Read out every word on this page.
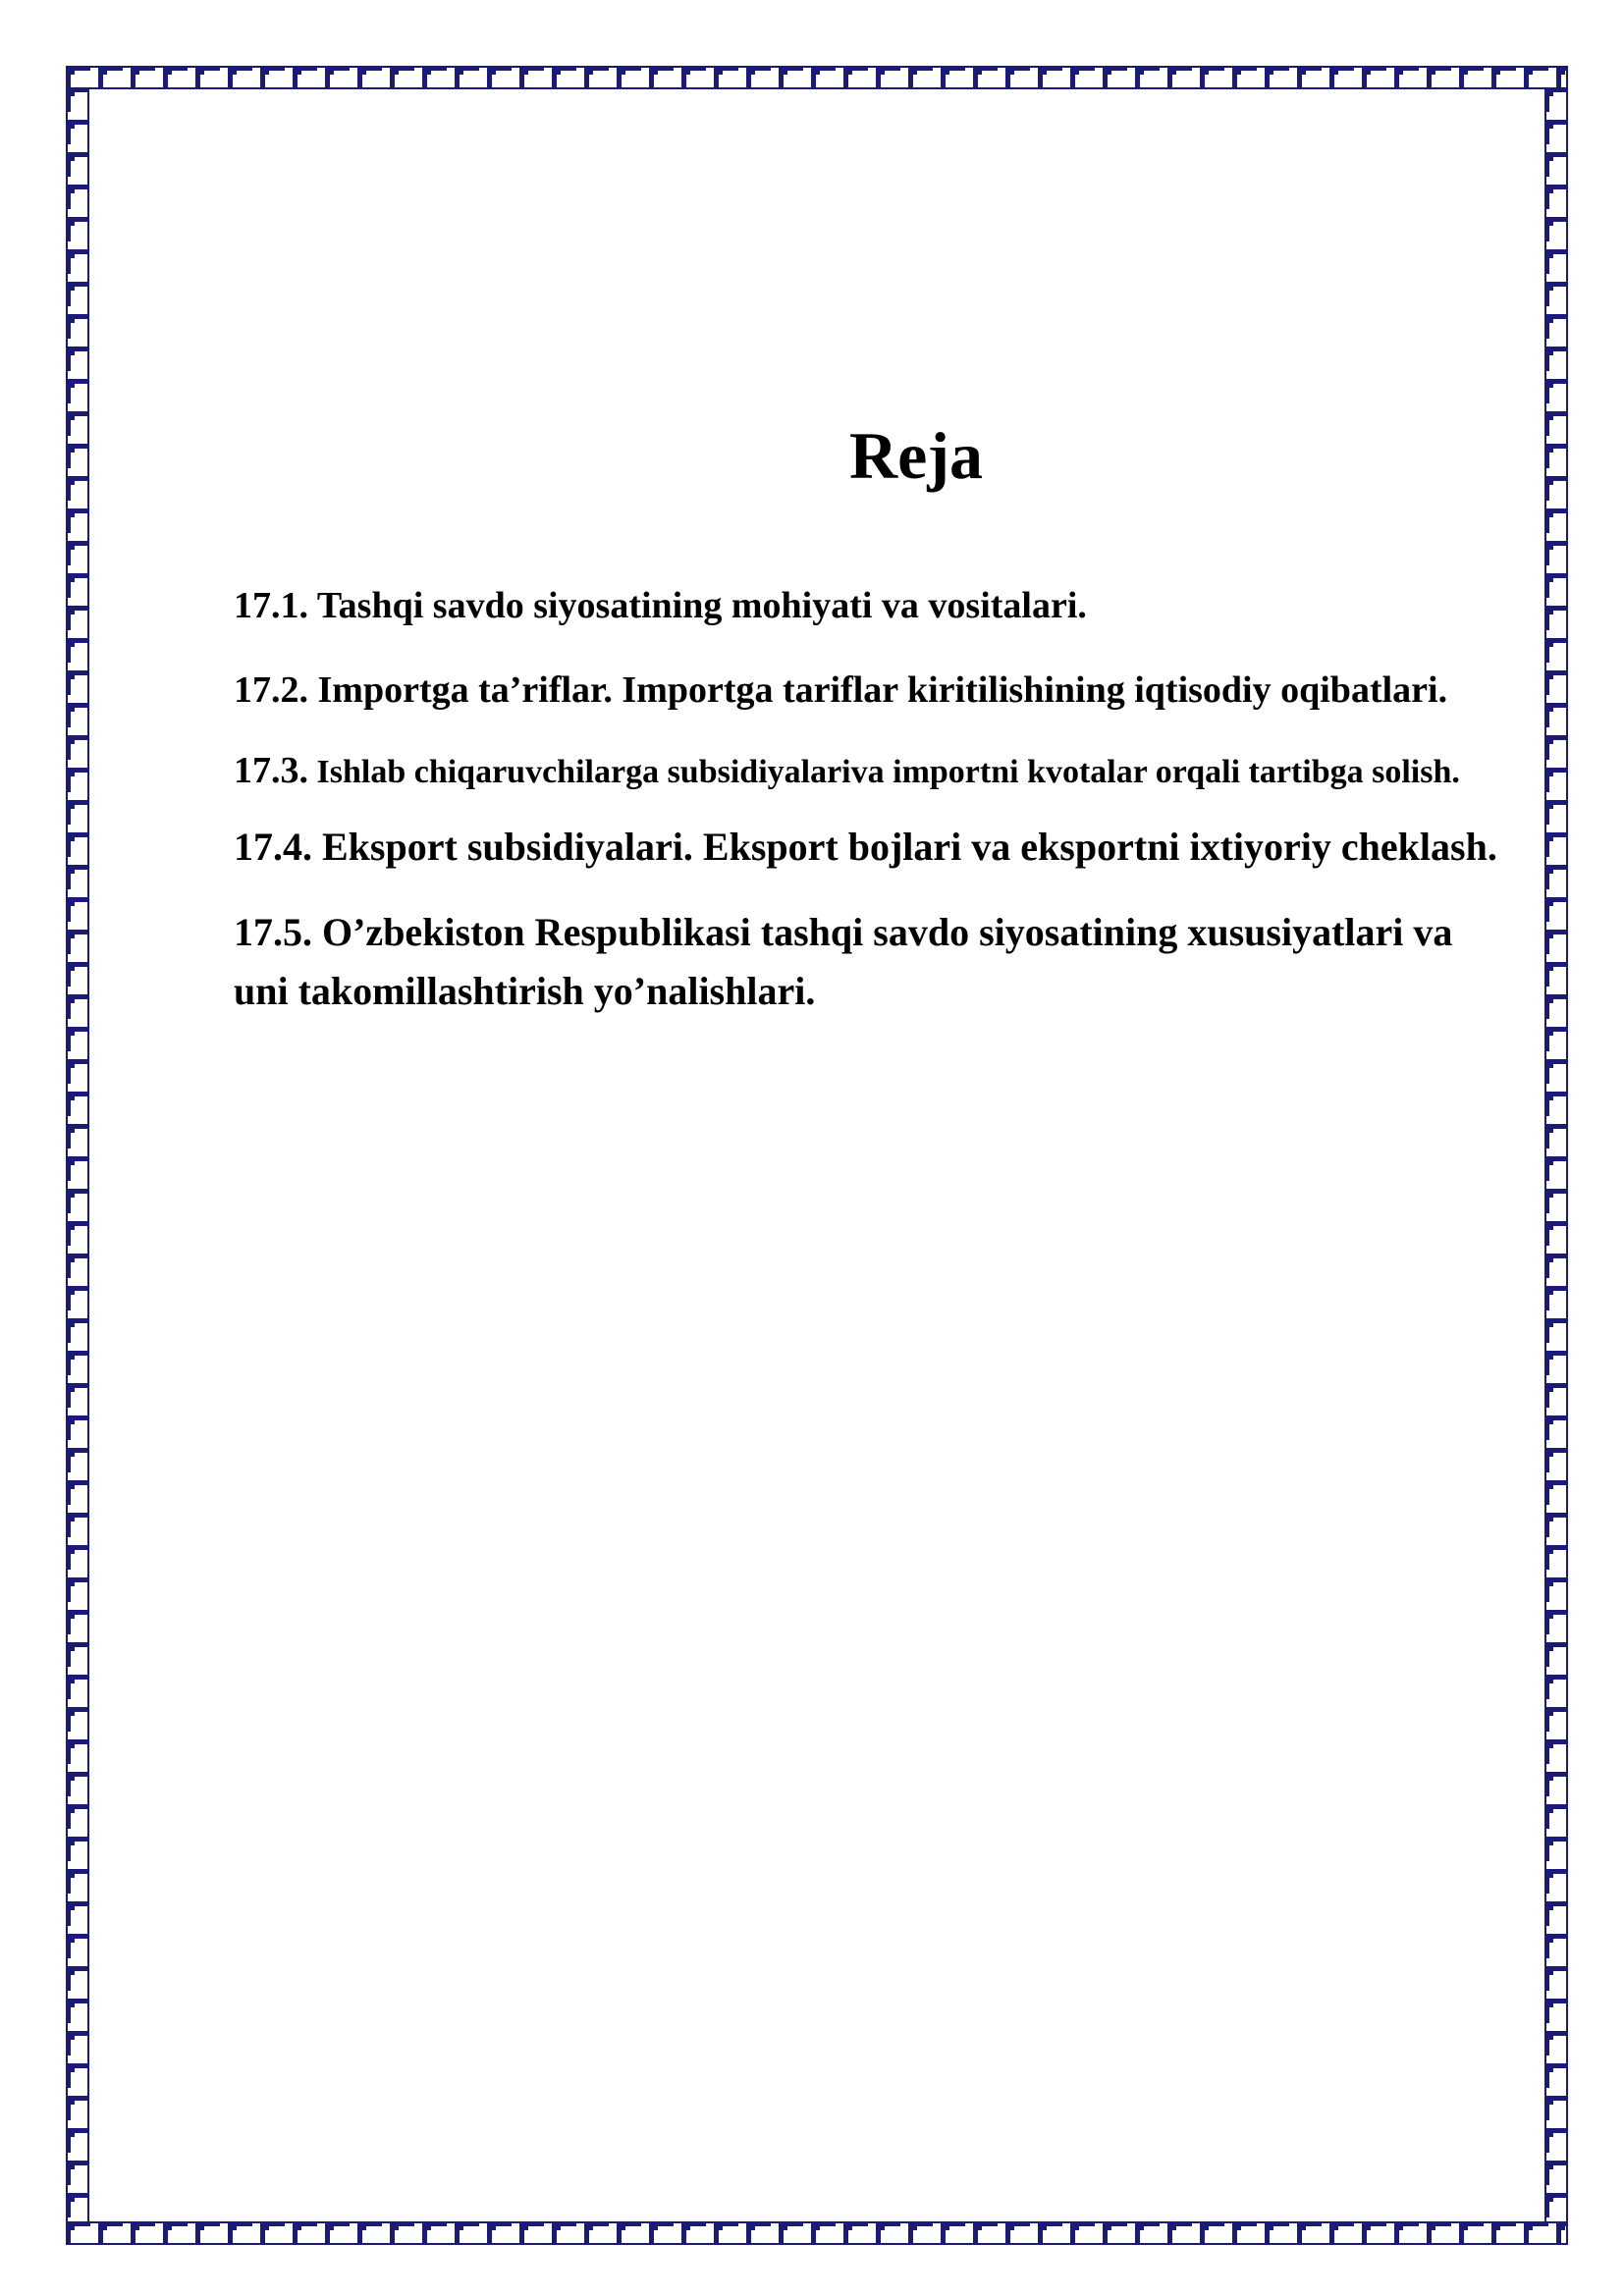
Reja
17.1. Tashqi savdo siyosatining mohiyati va vositalari.
17.2. Importga ta’riflar. Importga tariflar kiritilishining iqtisodiy oqibatlari.
17.3. Ishlab chiqaruvchilarga subsidiyalariva importni kvotalar orqali tartibga solish.
17.4. Eksport subsidiyalari. Eksport bojlari va eksportni ixtiyoriy cheklash.
17.5. O’zbekiston Respublikasi tashqi savdo siyosatining xususiyatlari va uni takomillashtirish yo’nalishlari.
